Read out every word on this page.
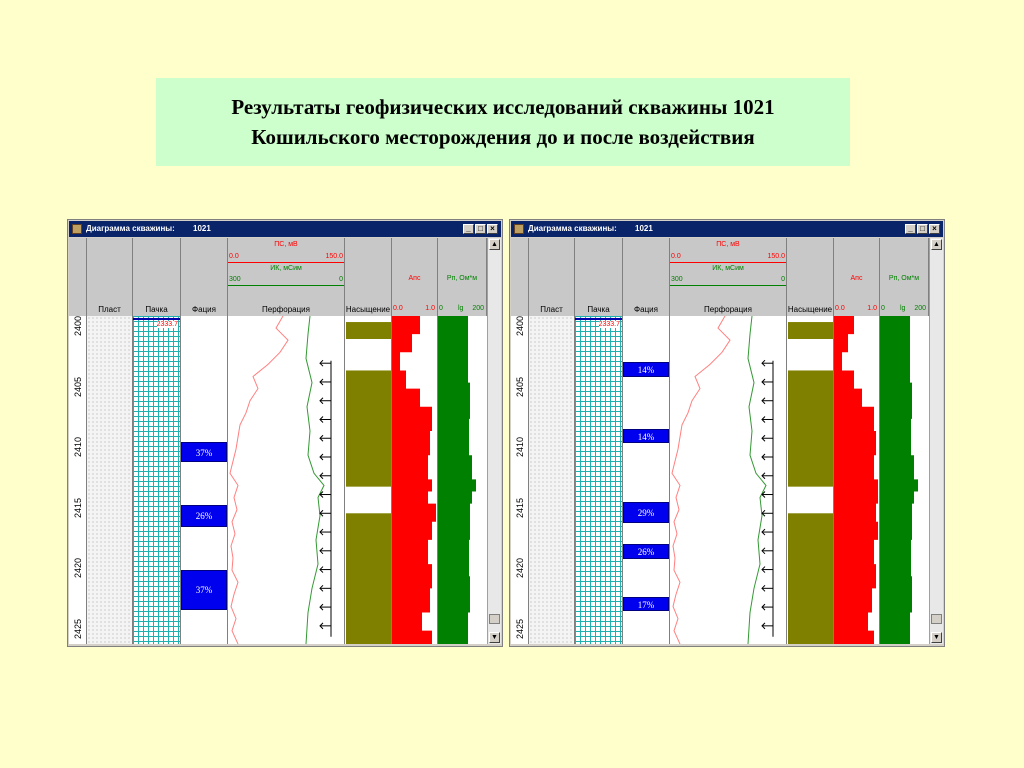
Результаты геофизических исследований скважины 1021
Кошильского месторождения до и после воздействия
Диаграмма скважины: 1021	_ □ ×
Пласт	Пачка	Фация
ПС, мВ
0.0	150.0
ИК, мСим
300	0
Перфорация	Насыщение
Апс
0.0	1.0
Рп, Ом*м
0 lg 200
2400
2405
2410
2415
2420
2425
2333.7
37%
26%
37%
▲
▼
Диаграмма скважины: 1021	_ □ ×
Пласт	Пачка	Фация
ПС, мВ
0.0	150.0
ИК, мСим
300	0
Перфорация	Насыщение
Апс
0.0	1.0
Рп, Ом*м
0 lg 200
2400
2405
2410
2415
2420
2425
2333.7
14%
14%
29%
26%
17%
▲
▼
